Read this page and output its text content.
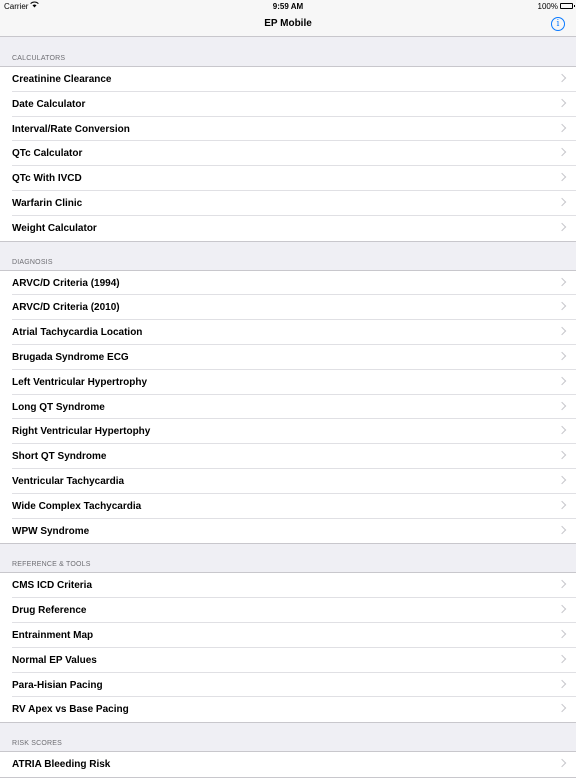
Carrier	9:59 AM	100%
EP Mobile	i
CALCULATORS
Creatinine Clearance
Date Calculator
Interval/Rate Conversion
QTc Calculator
QTc With IVCD
Warfarin Clinic
Weight Calculator
DIAGNOSIS
ARVC/D Criteria (1994)
ARVC/D Criteria (2010)
Atrial Tachycardia Location
Brugada Syndrome ECG
Left Ventricular Hypertrophy
Long QT Syndrome
Right Ventricular Hypertophy
Short QT Syndrome
Ventricular Tachycardia
Wide Complex Tachycardia
WPW Syndrome
REFERENCE & TOOLS
CMS ICD Criteria
Drug Reference
Entrainment Map
Normal EP Values
Para-Hisian Pacing
RV Apex vs Base Pacing
RISK SCORES
ATRIA Bleeding Risk
